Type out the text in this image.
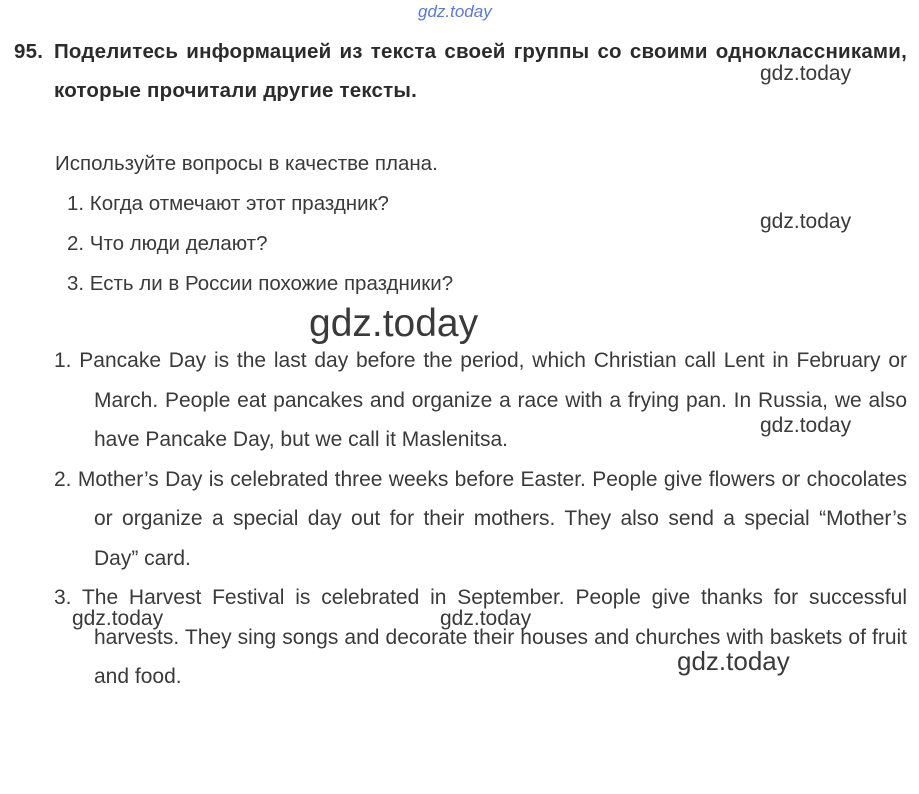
gdz.today
95. Поделитесь информацией из текста своей группы со своими одноклассниками, которые прочитали другие тексты.

Используйте вопросы в качестве плана.

1. Когда отмечают этот праздник?

2. Что люди делают?

3. Есть ли в России похожие праздники?

1. Pancake Day is the last day before the period, which Christian call Lent in February or March. People eat pancakes and organize a race with a frying pan. In Russia, we also have Pancake Day, but we call it Maslenitsa.
2. Mother’s Day is celebrated three weeks before Easter. People give flowers or chocolates or organize a special day out for their mothers. They also send a special “Mother’s Day” card.
3. The Harvest Festival is celebrated in September. People give thanks for successful harvests. They sing songs and decorate their houses and churches with baskets of fruit and food.
gdz.today
gdz.today
gdz.today
gdz.today
gdz.today	gdz.today
gdz.today
